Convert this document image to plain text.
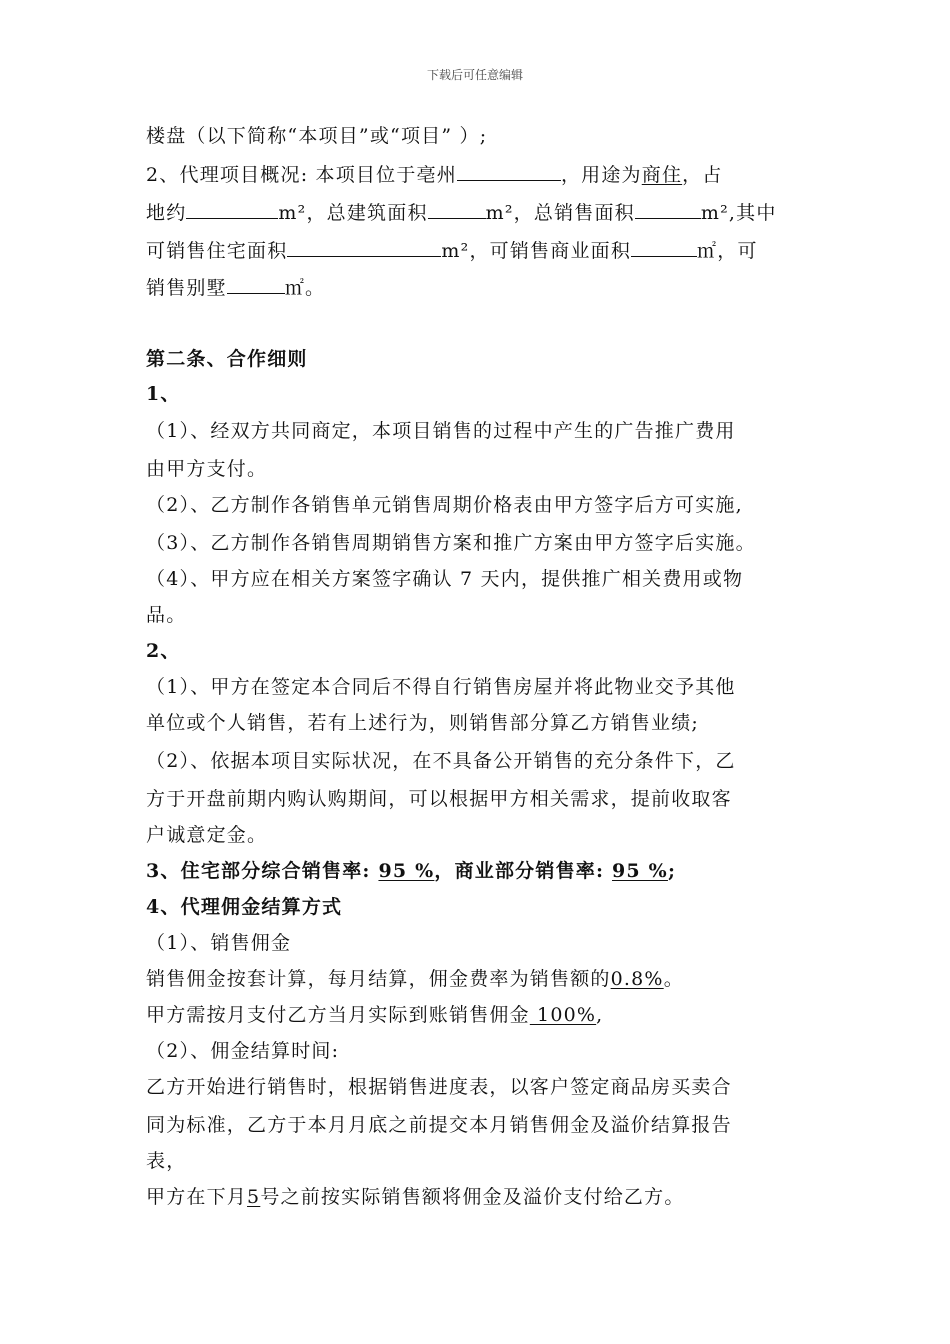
下载后可任意编辑
楼盘（以下简称“本项目”或“项目” ）;
2、代理项目概况: 本项目位于亳州	，用途为商住，占
地约	m²，总建筑面积	m²，总销售面积	m²,其中
可销售住宅面积	m²，可销售商业面积	㎡，可
销售别墅	㎡。
第二条、合作细则
1、
（1）、经双方共同商定，本项目销售的过程中产生的广告推广费用
由甲方支付。
（2）、乙方制作各销售单元销售周期价格表由甲方签字后方可实施,
（3）、乙方制作各销售周期销售方案和推广方案由甲方签字后实施。
（4）、甲方应在相关方案签字确认 7 天内，提供推广相关费用或物
品。
2、
（1）、甲方在签定本合同后不得自行销售房屋并将此物业交予其他
单位或个人销售，若有上述行为，则销售部分算乙方销售业绩;
（2）、依据本项目实际状况，在不具备公开销售的充分条件下，乙
方于开盘前期内购认购期间，可以根据甲方相关需求，提前收取客
户诚意定金。
3、住宅部分综合销售率: 95 %，商业部分销售率: 95 %;
4、代理佣金结算方式
（1）、销售佣金
销售佣金按套计算，每月结算，佣金费率为销售额的0.8%。
甲方需按月支付乙方当月实际到账销售佣金 100%,
（2）、佣金结算时间:
乙方开始进行销售时，根据销售进度表，以客户签定商品房买卖合
同为标准，乙方于本月月底之前提交本月销售佣金及溢价结算报告
表，
甲方在下月5号之前按实际销售额将佣金及溢价支付给乙方。
